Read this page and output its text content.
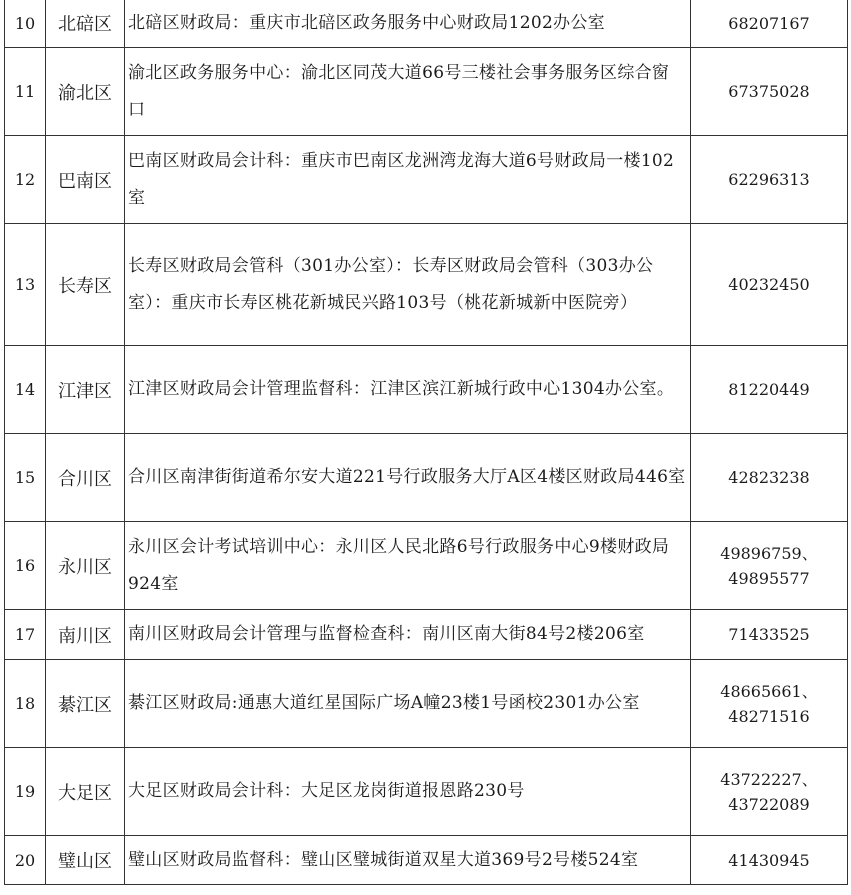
10	北碚区	北碚区财政局：重庆市北碚区政务服务中心财政局1202办公室	68207167

11	渝北区	渝北区政务服务中心：渝北区同茂大道66号三楼社会事务服务区综合窗口	67375028

12	巴南区	巴南区财政局会计科：重庆市巴南区龙洲湾龙海大道6号财政局一楼102室	62296313

13	长寿区	长寿区财政局会管科（301办公室）：长寿区财政局会管科（303办公室）：重庆市长寿区桃花新城民兴路103号（桃花新城新中医院旁）	40232450

14	江津区	江津区财政局会计管理监督科：江津区滨江新城行政中心1304办公室。	81220449

15	合川区	合川区南津街街道希尔安大道221号行政服务大厅A区4楼区财政局446室	42823238

16	永川区	永川区会计考试培训中心：永川区人民北路6号行政服务中心9楼财政局924室	49896759、
49895577

17	南川区	南川区财政局会计管理与监督检查科：南川区南大街84号2楼206室	71433525

18	綦江区	綦江区财政局:通惠大道红星国际广场A幢23楼1号函校2301办公室	48665661、
48271516

19	大足区	大足区财政局会计科：大足区龙岗街道报恩路230号	43722227、
43722089

20	璧山区	璧山区财政局监督科：璧山区璧城街道双星大道369号2号楼524室	41430945
